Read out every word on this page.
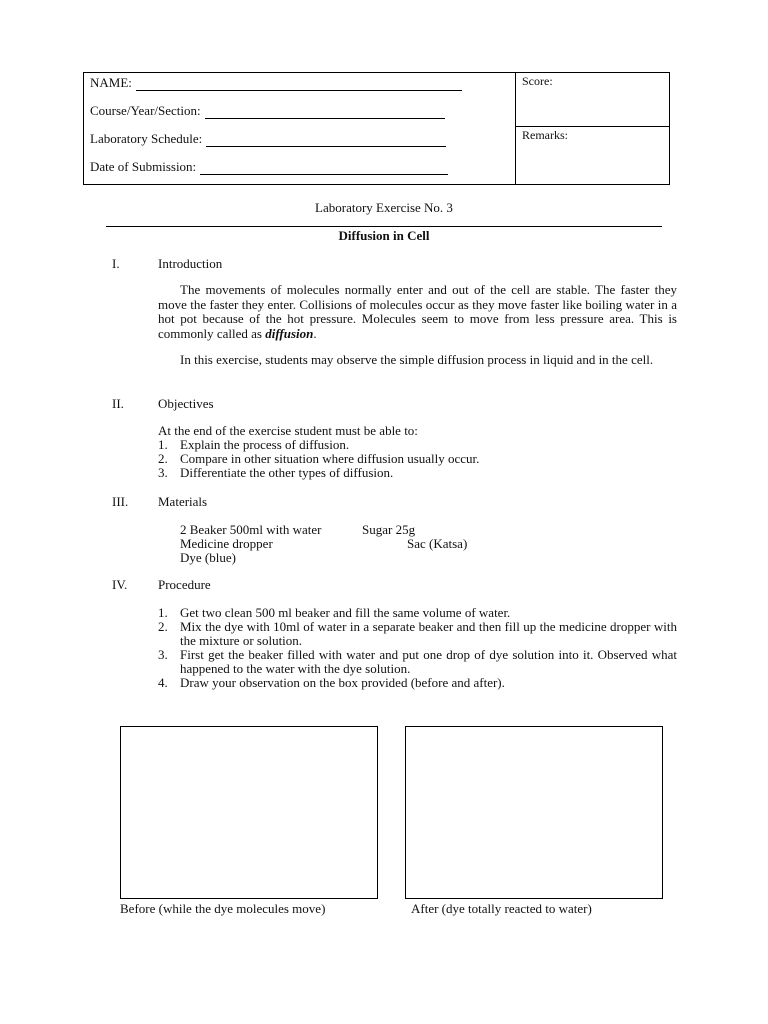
NAME:
Course/Year/Section:
Laboratory Schedule:
Date of Submission:
Score:
Remarks:
Laboratory Exercise No. 3
Diffusion in Cell
I.	Introduction
The movements of molecules normally enter and out of the cell are stable. The faster they move the faster they enter. Collisions of molecules occur as they move faster like boiling water in a hot pot because of the hot pressure. Molecules seem to move from less pressure area. This is commonly called as diffusion.
In this exercise, students may observe the simple diffusion process in liquid and in the cell.
II.	Objectives
At the end of the exercise student must be able to:
1. Explain the process of diffusion.
2. Compare in other situation where diffusion usually occur.
3. Differentiate the other types of diffusion.
III. Materials
2 Beaker 500ml with water	Sugar 25g
Medicine dropper	Sac (Katsa)
Dye (blue)
IV. Procedure
1. Get two clean 500 ml beaker and fill the same volume of water.
2. Mix the dye with 10ml of water in a separate beaker and then fill up the medicine dropper with the mixture or solution.
3. First get the beaker filled with water and put one drop of dye solution into it. Observed what happened to the water with the dye solution.
4. Draw your observation on the box provided (before and after).
Before (while the dye molecules move)	After (dye totally reacted to water)
